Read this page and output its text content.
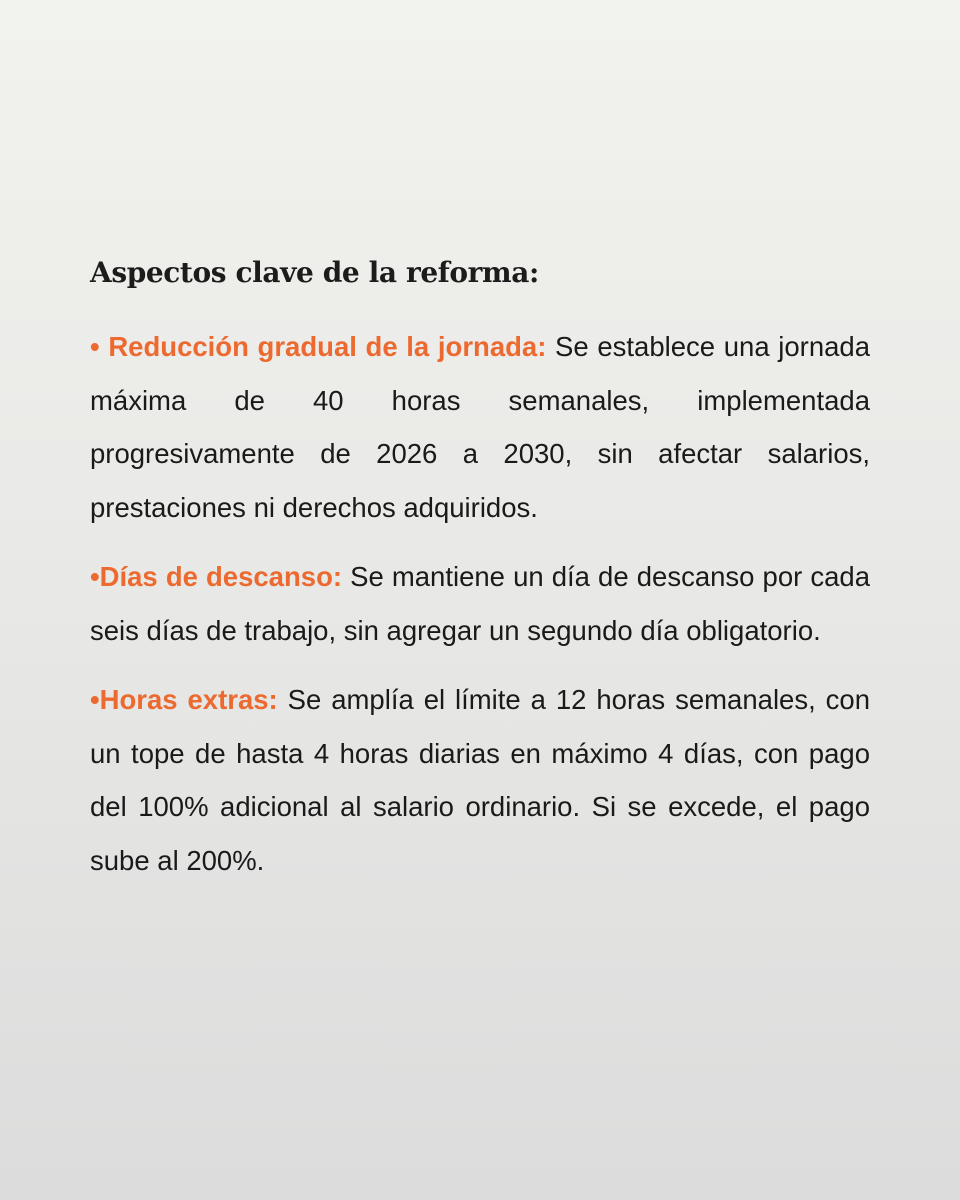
Aspectos clave de la reforma:

• Reducción gradual de la jornada: Se establece una jornada máxima de 40 horas semanales, implementada progresivamente de 2026 a 2030, sin afectar salarios, prestaciones ni derechos adquiridos.

•Días de descanso: Se mantiene un día de descanso por cada seis días de trabajo, sin agregar un segundo día obligatorio.

•Horas extras: Se amplía el límite a 12 horas semanales, con un tope de hasta 4 horas diarias en máximo 4 días, con pago del 100% adicional al salario ordinario. Si se excede, el pago sube al 200%.
